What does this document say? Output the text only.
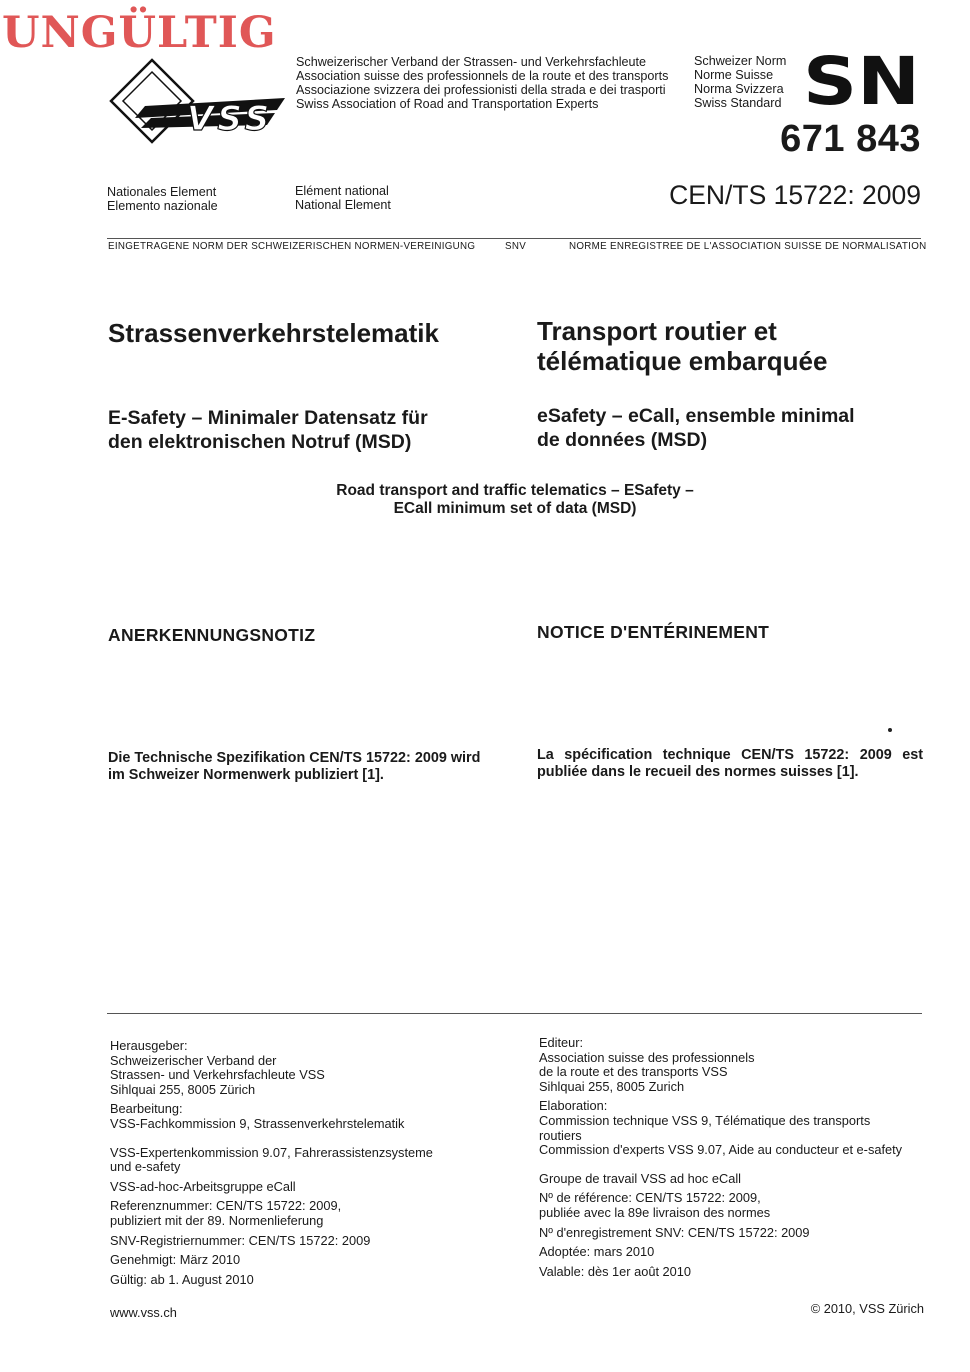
UNGÜLTIG
VSS
Schweizerischer Verband der Strassen- und Verkehrsfachleute
Association suisse des professionnels de la route et des transports
Associazione svizzera dei professionisti della strada e dei trasporti
Swiss Association of Road and Transportation Experts
Schweizer Norm
Norme Suisse
Norma Svizzera
Swiss Standard SN
671 843
Nationales Element
Elemento nazionale
Elément national
National Element	CEN/TS 15722: 2009
EINGETRAGENE NORM DER SCHWEIZERISCHEN NORMEN-VEREINIGUNG	SNV	NORME ENREGISTREE DE L'ASSOCIATION SUISSE DE NORMALISATION
Strassenverkehrstelematik	Transport routier et
télématique embarquée
E-Safety – Minimaler Datensatz für
den elektronischen Notruf (MSD)
eSafety – eCall, ensemble minimal
de données (MSD)
Road transport and traffic telematics – ESafety –
ECall minimum set of data (MSD)
ANERKENNUNGSNOTIZ	NOTICE D'ENTÉRINEMENT
Die Technische Spezifikation CEN/TS 15722: 2009 wird im Schweizer Normenwerk publiziert [1].
La spécification technique CEN/TS 15722: 2009 est publiée dans le recueil des normes suisses [1].

Herausgeber:

Schweizerischer Verband der

Strassen- und Verkehrsfachleute VSS

Sihlquai 255, 8005 Zürich

Bearbeitung:

VSS-Fachkommission 9, Strassenverkehrstelematik

VSS-Expertenkommission 9.07, Fahrerassistenzsysteme

und e-safety

VSS-ad-hoc-Arbeitsgruppe eCall

Referenznummer: CEN/TS 15722: 2009,

publiziert mit der 89. Normenlieferung

SNV-Registriernummer: CEN/TS 15722: 2009

Genehmigt: März 2010

Gültig: ab 1. August 2010

Editeur:

Association suisse des professionnels

de la route et des transports VSS

Sihlquai 255, 8005 Zurich

Elaboration:

Commission technique VSS 9, Télématique des transports

routiers

Commission d'experts VSS 9.07, Aide au conducteur et e-safety

Groupe de travail VSS ad hoc eCall

Nº de référence: CEN/TS 15722: 2009,

publiée avec la 89e livraison des normes

Nº d'enregistrement SNV: CEN/TS 15722: 2009

Adoptée: mars 2010

Valable: dès 1er août 2010

www.vss.ch	© 2010, VSS Zürich
